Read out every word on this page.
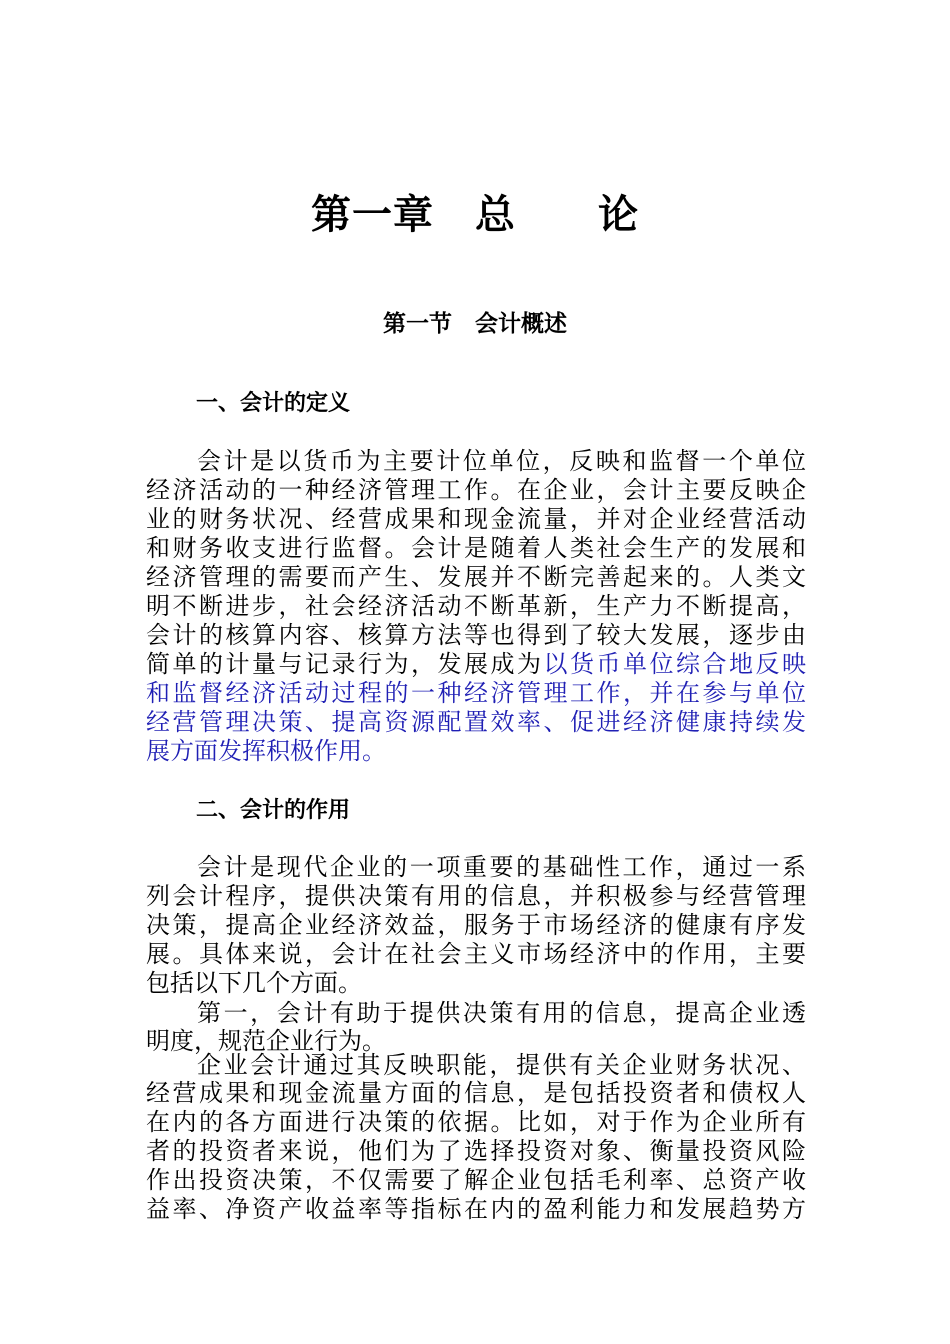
第一章　总　　论
第一节　会计概述
一、会计的定义
会计是以货币为主要计位单位，反映和监督一个单位
经济活动的一种经济管理工作。在企业，会计主要反映企
业的财务状况、经营成果和现金流量，并对企业经营活动
和财务收支进行监督。会计是随着人类社会生产的发展和
经济管理的需要而产生、发展并不断完善起来的。人类文
明不断进步，社会经济活动不断革新，生产力不断提高，
会计的核算内容、核算方法等也得到了较大发展，逐步由
简单的计量与记录行为，发展成为以货币单位综合地反映
和监督经济活动过程的一种经济管理工作，并在参与单位
经营管理决策、提高资源配置效率、促进经济健康持续发
展方面发挥积极作用。
二、会计的作用
会计是现代企业的一项重要的基础性工作，通过一系
列会计程序，提供决策有用的信息，并积极参与经营管理
决策，提高企业经济效益，服务于市场经济的健康有序发
展。具体来说，会计在社会主义市场经济中的作用，主要
包括以下几个方面。
第一，会计有助于提供决策有用的信息，提高企业透
明度，规范企业行为。
企业会计通过其反映职能，提供有关企业财务状况、
经营成果和现金流量方面的信息，是包括投资者和债权人
在内的各方面进行决策的依据。比如，对于作为企业所有
者的投资者来说，他们为了选择投资对象、衡量投资风险
作出投资决策，不仅需要了解企业包括毛利率、总资产收
益率、净资产收益率等指标在内的盈利能力和发展趋势方
